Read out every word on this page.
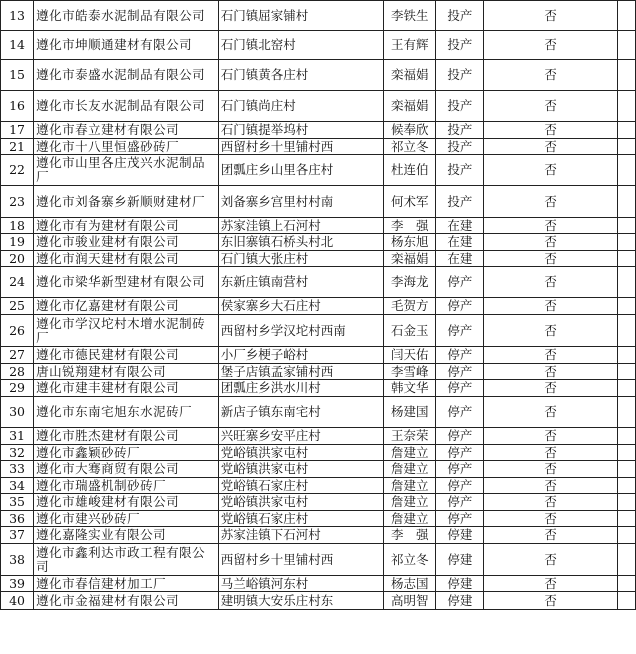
13	遵化市皓泰水泥制品有限公司	石门镇屈家铺村	李铁生	投产	否	
14	遵化市坤顺通建材有限公司	石门镇北窑村	王有辉	投产	否	
15	遵化市泰盛水泥制品有限公司	石门镇黄各庄村	栾福娟	投产	否	
16	遵化市长友水泥制品有限公司	石门镇尚庄村	栾福娟	投产	否	
17	遵化市春立建材有限公司	石门镇提举坞村	候奉欣	投产	否	
21	遵化市十八里恒盛砂砖厂	西留村乡十里铺村西	祁立冬	投产	否	
22	遵化市山里各庄茂兴水泥制品厂	团瓢庄乡山里各庄村	杜连伯	投产	否	
23	遵化市刘备寨乡新顺财建材厂	刘备寨乡宫里村村南	何术军	投产	否	
18	遵化市有为建材有限公司	苏家洼镇上石河村	李　强	在建	否	
19	遵化市骏业建材有限公司	东旧寨镇石桥头村北	杨东旭	在建	否	
20	遵化市润天建材有限公司	石门镇大张庄村	栾福娟	在建	否	
24	遵化市梁华新型建材有限公司	东新庄镇南营村	李海龙	停产	否	
25	遵化市亿嘉建材有限公司	侯家寨乡大石庄村	毛贺方	停产	否	
26	遵化市学汉坨村木增水泥制砖厂	西留村乡学汉坨村西南	石金玉	停产	否	
27	遵化市德民建材有限公司	小厂乡梗子峪村	闫天佑	停产	否	
28	唐山锐翔建材有限公司	堡子店镇孟家铺村西	李雪峰	停产	否	
29	遵化市建丰建材有限公司	团瓢庄乡洪水川村	韩文华	停产	否	
30	遵化市东南宅旭东水泥砖厂	新店子镇东南宅村	杨建国	停产	否	
31	遵化市胜杰建材有限公司	兴旺寨乡安平庄村	王奈荣	停产	否	
32	遵化市鑫颖砂砖厂	党峪镇洪家屯村	詹建立	停产	否	
33	遵化市大骞商贸有限公司	党峪镇洪家屯村	詹建立	停产	否	
34	遵化市瑞盛机制砂砖厂	党峪镇石家庄村	詹建立	停产	否	
35	遵化市雄峻建材有限公司	党峪镇洪家屯村	詹建立	停产	否	
36	遵化市建兴砂砖厂	党峪镇石家庄村	詹建立	停产	否	
37	遵化嘉隆实业有限公司	苏家洼镇下石河村	李　强	停建	否	
38	遵化市鑫利达市政工程有限公司	西留村乡十里铺村西	祁立冬	停建	否	
39	遵化市春信建材加工厂	马兰峪镇河东村	杨志国	停建	否	
40	遵化市金福建材有限公司	建明镇大安乐庄村东	高明智	停建	否	
